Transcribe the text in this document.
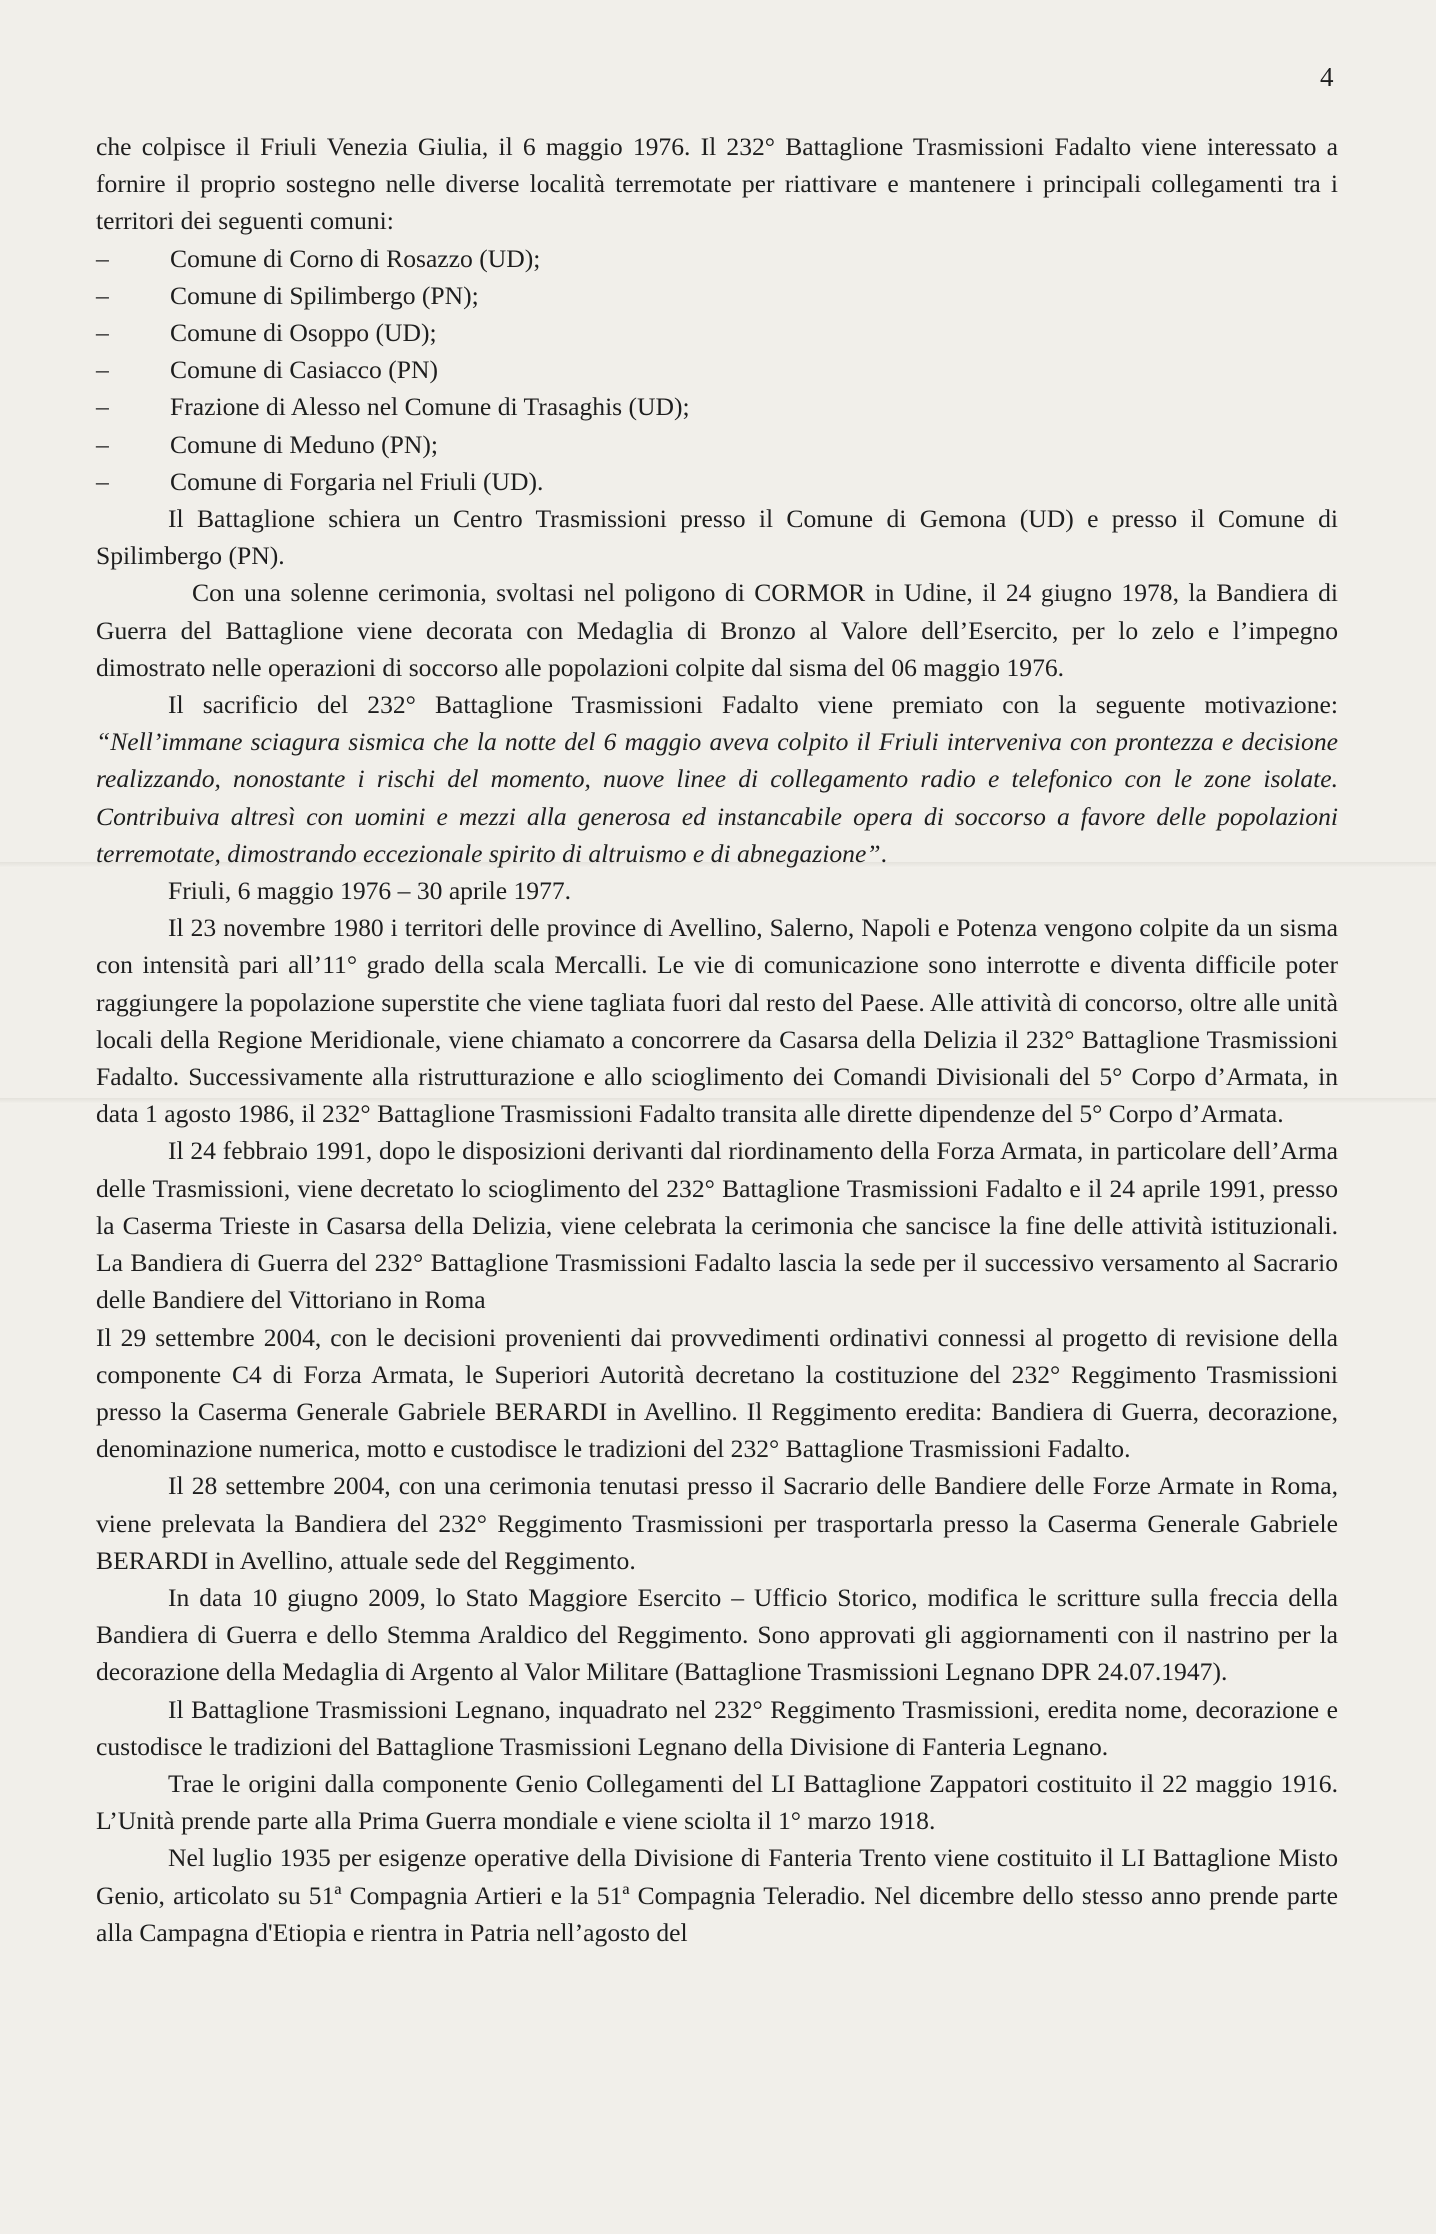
4

che colpisce il Friuli Venezia Giulia, il 6 maggio 1976. Il 232° Battaglione Trasmissioni Fadalto viene interessato a fornire il proprio sostegno nelle diverse località terremotate per riattivare e mantenere i principali collegamenti tra i territori dei seguenti comuni:

– Comune di Corno di Rosazzo (UD);
– Comune di Spilimbergo (PN);
– Comune di Osoppo (UD);
– Comune di Casiacco (PN)
– Frazione di Alesso nel Comune di Trasaghis (UD);
– Comune di Meduno (PN);
– Comune di Forgaria nel Friuli (UD).

Il Battaglione schiera un Centro Trasmissioni presso il Comune di Gemona (UD) e presso il Comune di Spilimbergo (PN).

Con una solenne cerimonia, svoltasi nel poligono di CORMOR in Udine, il 24 giugno 1978, la Bandiera di Guerra del Battaglione viene decorata con Medaglia di Bronzo al Valore dell’Esercito, per lo zelo e l’impegno dimostrato nelle operazioni di soccorso alle popolazioni colpite dal sisma del 06 maggio 1976.

Il sacrificio del 232° Battaglione Trasmissioni Fadalto viene premiato con la seguente motivazione: “Nell’immane sciagura sismica che la notte del 6 maggio aveva colpito il Friuli interveniva con prontezza e decisione realizzando, nonostante i rischi del momento, nuove linee di collegamento radio e telefonico con le zone isolate. Contribuiva altresì con uomini e mezzi alla generosa ed instancabile opera di soccorso a favore delle popolazioni terremotate, dimostrando eccezionale spirito di altruismo e di abnegazione”.

Friuli, 6 maggio 1976 – 30 aprile 1977.

Il 23 novembre 1980 i territori delle province di Avellino, Salerno, Napoli e Potenza vengono colpite da un sisma con intensità pari all’11° grado della scala Mercalli. Le vie di comunicazione sono interrotte e diventa difficile poter raggiungere la popolazione superstite che viene tagliata fuori dal resto del Paese. Alle attività di concorso, oltre alle unità locali della Regione Meridionale, viene chiamato a concorrere da Casarsa della Delizia il 232° Battaglione Trasmissioni Fadalto. Successivamente alla ristrutturazione e allo scioglimento dei Comandi Divisionali del 5° Corpo d’Armata, in data 1 agosto 1986, il 232° Battaglione Trasmissioni Fadalto transita alle dirette dipendenze del 5° Corpo d’Armata.

Il 24 febbraio 1991, dopo le disposizioni derivanti dal riordinamento della Forza Armata, in particolare dell’Arma delle Trasmissioni, viene decretato lo scioglimento del 232° Battaglione Trasmissioni Fadalto e il 24 aprile 1991, presso la Caserma Trieste in Casarsa della Delizia, viene celebrata la cerimonia che sancisce la fine delle attività istituzionali. La Bandiera di Guerra del 232° Battaglione Trasmissioni Fadalto lascia la sede per il successivo versamento al Sacrario delle Bandiere del Vittoriano in Roma

Il 29 settembre 2004, con le decisioni provenienti dai provvedimenti ordinativi connessi al progetto di revisione della componente C4 di Forza Armata, le Superiori Autorità decretano la costituzione del 232° Reggimento Trasmissioni presso la Caserma Generale Gabriele BERARDI in Avellino. Il Reggimento eredita: Bandiera di Guerra, decorazione, denominazione numerica, motto e custodisce le tradizioni del 232° Battaglione Trasmissioni Fadalto.

Il 28 settembre 2004, con una cerimonia tenutasi presso il Sacrario delle Bandiere delle Forze Armate in Roma, viene prelevata la Bandiera del 232° Reggimento Trasmissioni per trasportarla presso la Caserma Generale Gabriele BERARDI in Avellino, attuale sede del Reggimento.

In data 10 giugno 2009, lo Stato Maggiore Esercito – Ufficio Storico, modifica le scritture sulla freccia della Bandiera di Guerra e dello Stemma Araldico del Reggimento. Sono approvati gli aggiornamenti con il nastrino per la decorazione della Medaglia di Argento al Valor Militare (Battaglione Trasmissioni Legnano DPR 24.07.1947).

Il Battaglione Trasmissioni Legnano, inquadrato nel 232° Reggimento Trasmissioni, eredita nome, decorazione e custodisce le tradizioni del Battaglione Trasmissioni Legnano della Divisione di Fanteria Legnano.

Trae le origini dalla componente Genio Collegamenti del LI Battaglione Zappatori costituito il 22 maggio 1916. L’Unità prende parte alla Prima Guerra mondiale e viene sciolta il 1° marzo 1918.

Nel luglio 1935 per esigenze operative della Divisione di Fanteria Trento viene costituito il LI Battaglione Misto Genio, articolato su 51ª Compagnia Artieri e la 51ª Compagnia Teleradio. Nel dicembre dello stesso anno prende parte alla Campagna d'Etiopia e rientra in Patria nell’agosto del
